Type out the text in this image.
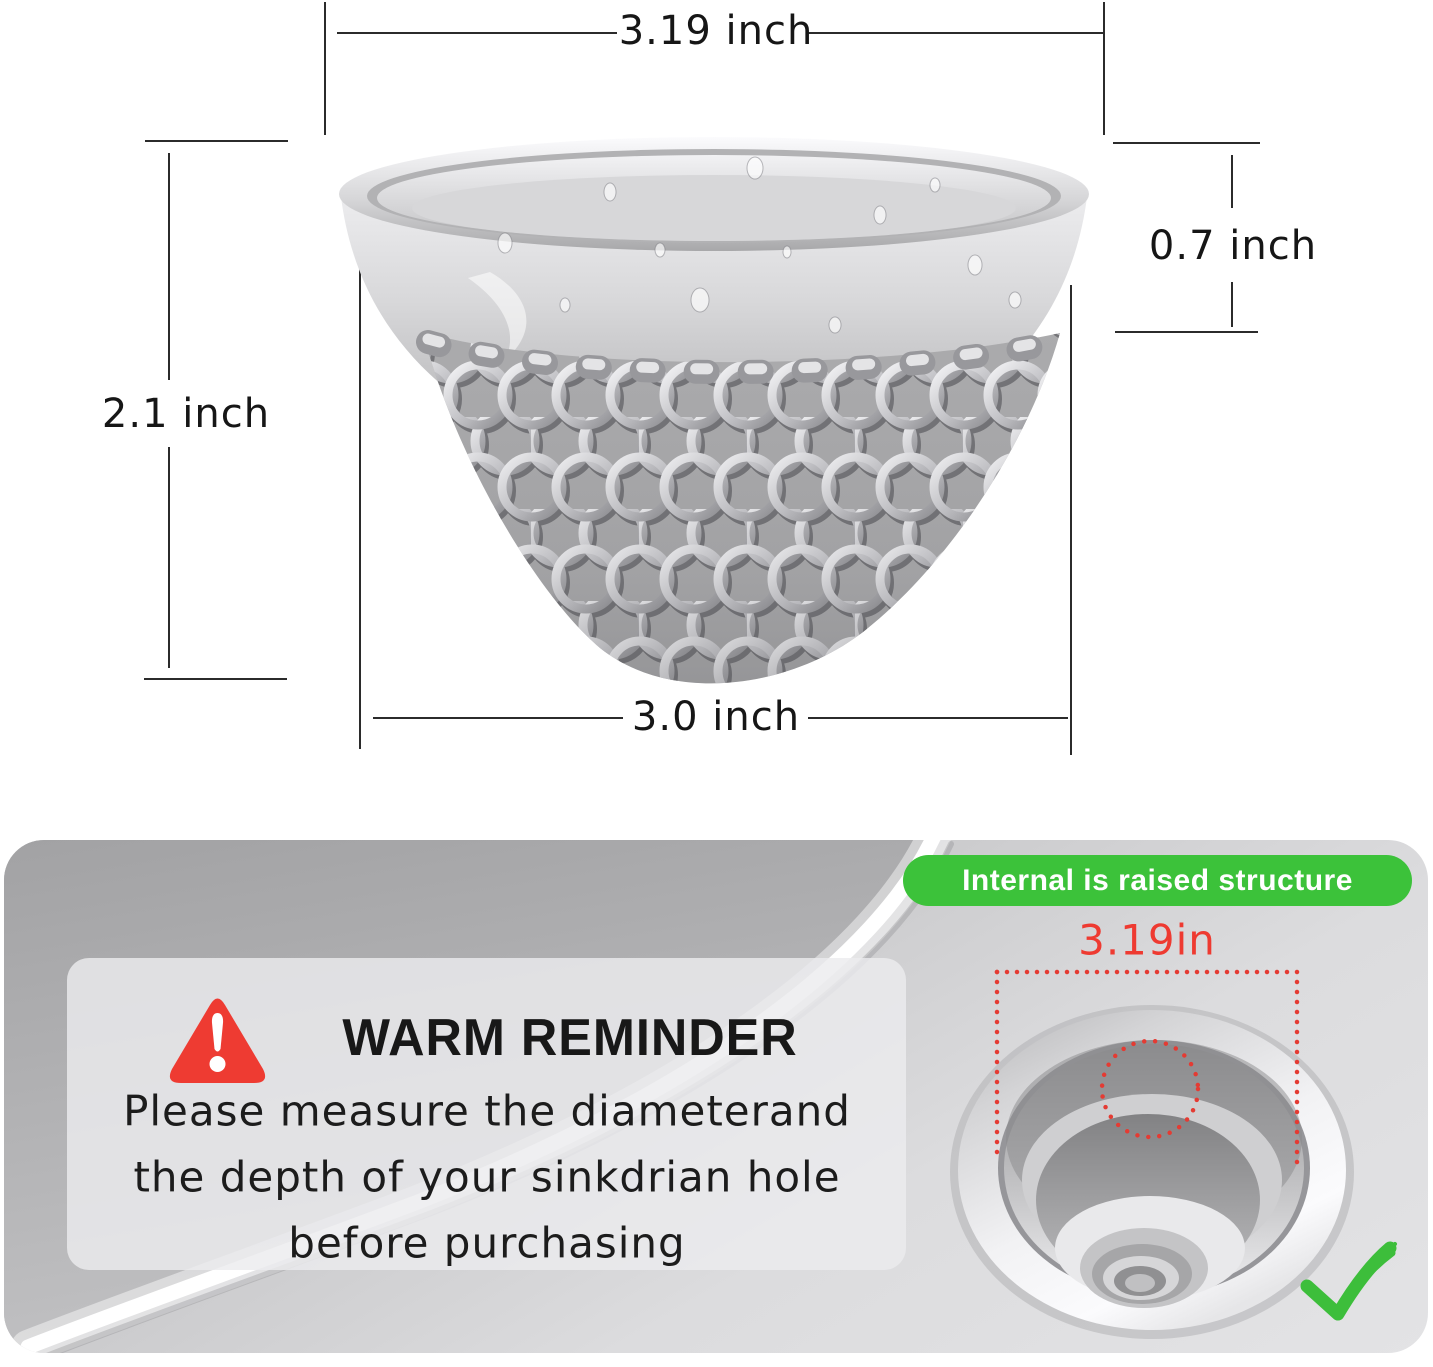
3.19 inch
0.7 inch
2.1 inch
3.0 inch
Internal is raised structure
3.19in
WARM REMINDER
Please measure the diameterand
the depth of your sinkdrian hole
before purchasing
